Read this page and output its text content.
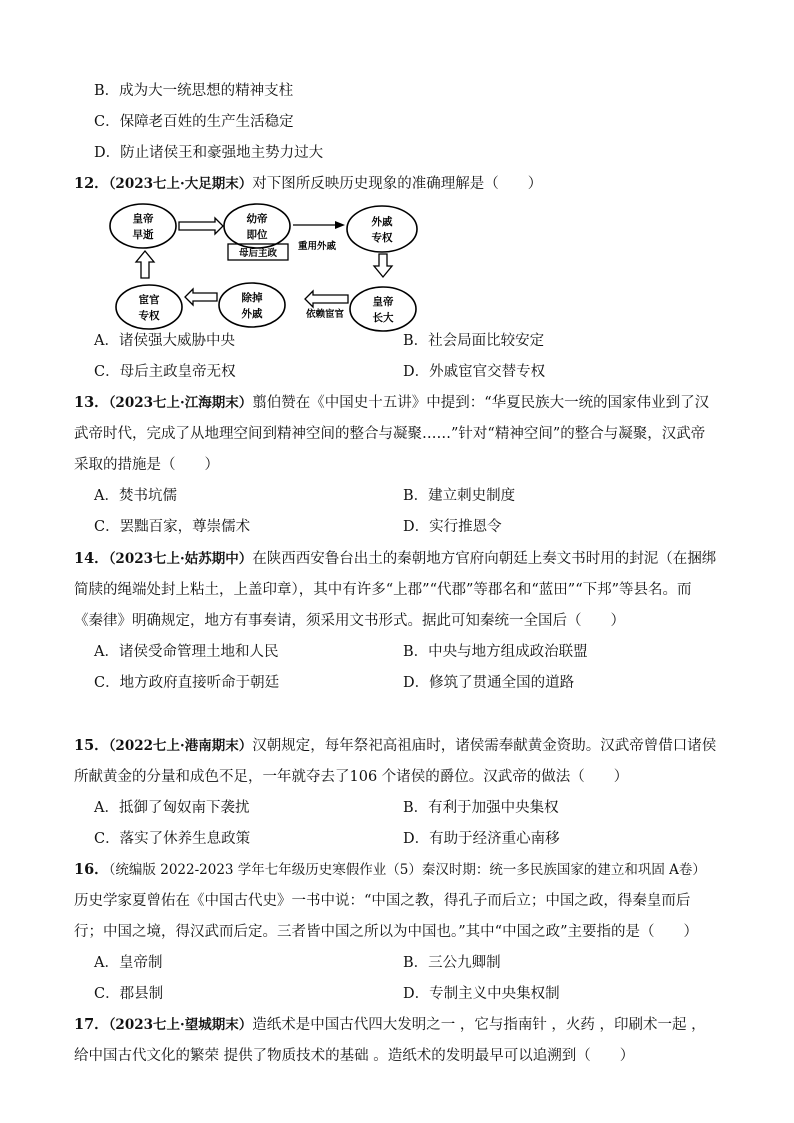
B．成为大一统思想的精神支柱
C．保障老百姓的生产生活稳定
D．防止诸侯王和豪强地主势力过大
12．（2023七上·大足期末）对下图所反映历史现象的准确理解是（　　）
皇帝
早逝
幼帝
即位
母后主政
重用外戚
外戚
专权
皇帝
长大
依赖宦官
除掉
外戚
宦官
专权
A．诸侯强大威胁中央	B．社会局面比较安定
C．母后主政皇帝无权	D．外戚宦官交替专权
13．（2023七上·江海期末）翦伯赞在《中国史十五讲》中提到：“华夏民族大一统的国家伟业到了汉
武帝时代，完成了从地理空间到精神空间的整合与凝聚……”针对“精神空间”的整合与凝聚，汉武帝
采取的措施是（　　）
A．焚书坑儒	B．建立刺史制度
C．罢黜百家，尊崇儒术	D．实行推恩令
14．（2023七上·姑苏期中）在陕西西安鲁台出土的秦朝地方官府向朝廷上奏文书时用的封泥（在捆绑
简牍的绳端处封上粘土，上盖印章），其中有许多“上郡”“代郡”等郡名和“蓝田”“下邦”等县名。而
《秦律》明确规定，地方有事奏请，须采用文书形式。据此可知秦统一全国后（　　）
A．诸侯受命管理土地和人民	B．中央与地方组成政治联盟
C．地方政府直接听命于朝廷	D．修筑了贯通全国的道路
15．（2022七上·港南期末）汉朝规定，每年祭祀高祖庙时，诸侯需奉献黄金资助。汉武帝曾借口诸侯
所献黄金的分量和成色不足，一年就夺去了106 个诸侯的爵位。汉武帝的做法（　　）
A．抵御了匈奴南下袭扰	B．有利于加强中央集权
C．落实了休养生息政策	D．有助于经济重心南移
16．（统编版 2022-2023 学年七年级历史寒假作业（5）秦汉时期：统一多民族国家的建立和巩固 A卷）
历史学家夏曾佑在《中国古代史》一书中说：“中国之教，得孔子而后立；中国之政，得秦皇而后
行；中国之境，得汉武而后定。三者皆中国之所以为中国也。”其中“中国之政”主要指的是（　　）
A．皇帝制	B．三公九卿制
C．郡县制	D．专制主义中央集权制
17．（2023七上·望城期末）造纸术是中国古代四大发明之一 ，它与指南针 ，火药 ，印刷术一起 ，
给中国古代文化的繁荣 提供了物质技术的基础 。造纸术的发明最早可以追溯到（　　）
